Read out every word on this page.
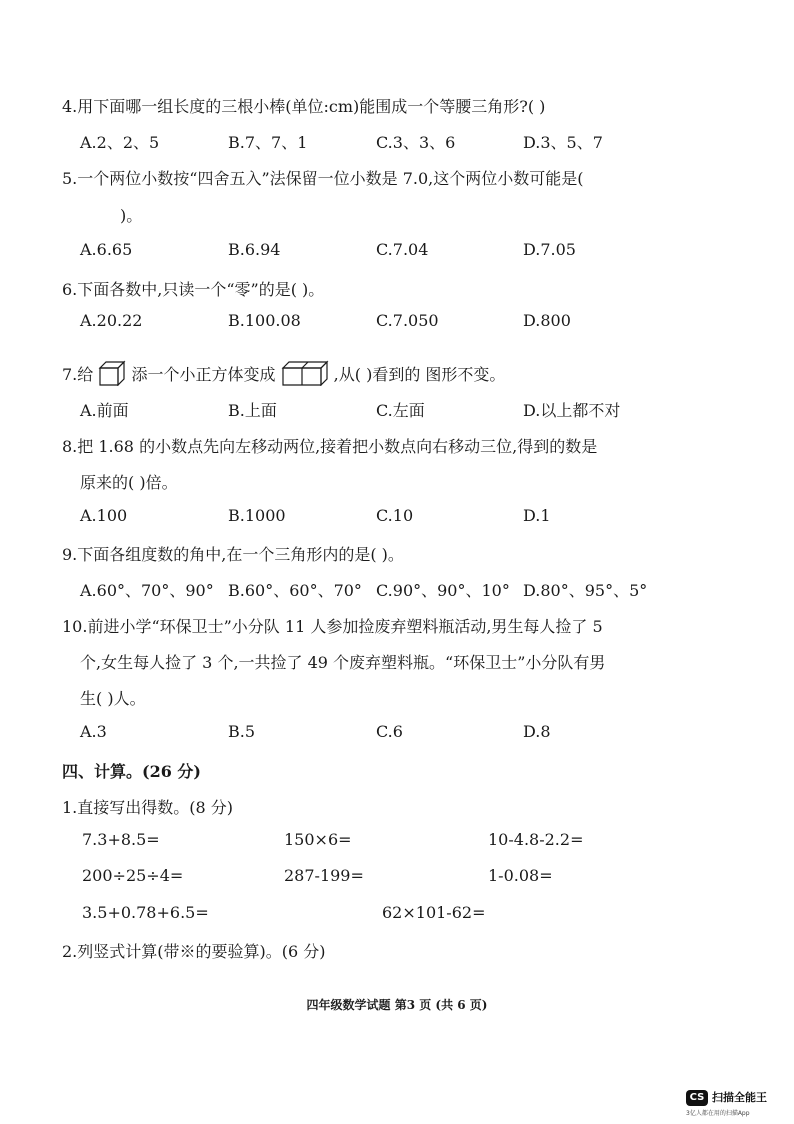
4.用下面哪一组长度的三根小棒(单位:cm)能围成一个等腰三角形?( )
A.2、2、5	B.7、7、1	C.3、3、6	D.3、5、7
5.一个两位小数按“四舍五入”法保留一位小数是 7.0,这个两位小数可能是(
)。
A.6.65	B.6.94	C.7.04	D.7.05
6.下面各数中,只读一个“零”的是( )。
A.20.22	B.100.08	C.7.050	D.800
7.给 添一个小正方体变成	,从( )看到的 图形不变。
A.前面	B.上面	C.左面	D.以上都不对
8.把 1.68 的小数点先向左移动两位,接着把小数点向右移动三位,得到的数是
原来的( )倍。
A.100	B.1000	C.10	D.1
9.下面各组度数的角中,在一个三角形内的是( )。
A.60°、70°、90° B.60°、60°、70° C.90°、90°、10° D.80°、95°、5°
10.前进小学“环保卫士”小分队 11 人参加捡废弃塑料瓶活动,男生每人捡了 5
个,女生每人捡了 3 个,一共捡了 49 个废弃塑料瓶。“环保卫士”小分队有男
生( )人。
A.3	B.5	C.6	D.8
四、计算。(26 分)
1.直接写出得数。(8 分)
7.3+8.5=	150×6=	10-4.8-2.2=
200÷25÷4=	287-199=	1-0.08=
3.5+0.78+6.5=	62×101-62=
2.列竖式计算(带※的要验算)。(6 分)
四年级数学试题 第3 页 (共 6 页)
CS 扫描全能王
3亿人都在用的扫描App
